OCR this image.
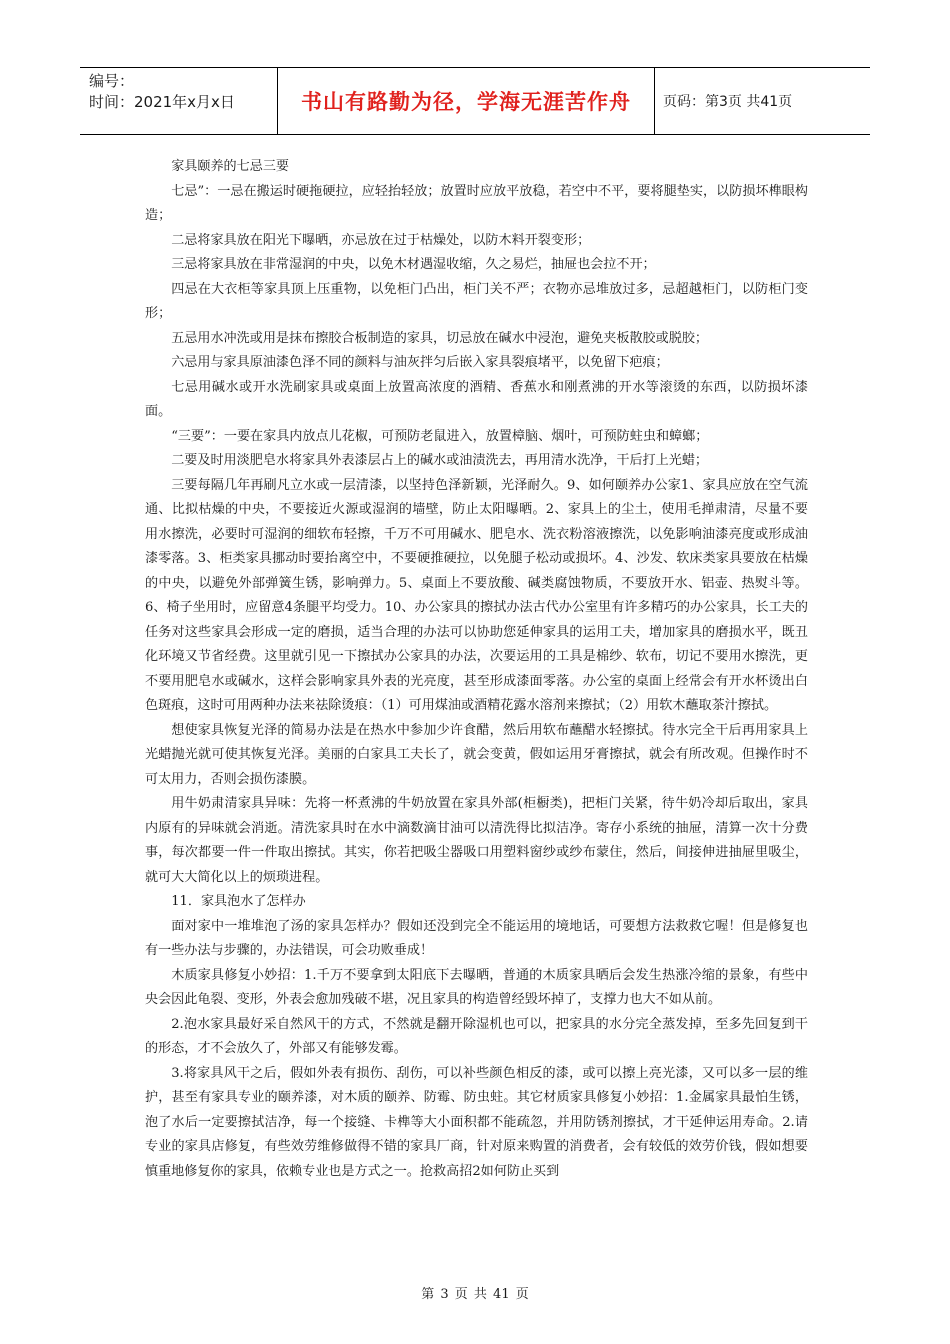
编号：
时间：2021年x月x日	书山有路勤为径，学海无涯苦作舟	页码：第3页 共41页

家具颐养的七忌三要

七忌”：一忌在搬运时硬拖硬拉，应轻抬轻放；放置时应放平放稳，若空中不平，要将腿垫实，以防损坏榫眼构造；

二忌将家具放在阳光下曝晒，亦忌放在过于枯燥处，以防木料开裂变形；

三忌将家具放在非常湿润的中央，以免木材遇湿收缩，久之易烂，抽屉也会拉不开；

四忌在大衣柜等家具顶上压重物，以免柜门凸出，柜门关不严；衣物亦忌堆放过多，忌超越柜门，以防柜门变形；

五忌用水冲洗或用是抹布擦胶合板制造的家具，切忌放在碱水中浸泡，避免夹板散胶或脱胶；

六忌用与家具原油漆色泽不同的颜料与油灰拌匀后嵌入家具裂痕堵平，以免留下疤痕；

七忌用碱水或开水洗刷家具或桌面上放置高浓度的酒精、香蕉水和刚煮沸的开水等滚烫的东西，以防损坏漆面。

“三要”：一要在家具内放点儿花椒，可预防老鼠进入，放置樟脑、烟叶，可预防蛀虫和蟑螂；

二要及时用淡肥皂水将家具外表漆层占上的碱水或油渍洗去，再用清水洗净，干后打上光蜡；

三要每隔几年再刷凡立水或一层清漆，以坚持色泽新颖，光泽耐久。9、如何颐养办公家1、家具应放在空气流通、比拟枯燥的中央，不要接近火源或湿润的墙壁，防止太阳曝晒。2、家具上的尘土，使用毛掸肃清，尽量不要用水擦洗，必要时可湿润的细软布轻擦，千万不可用碱水、肥皂水、洗衣粉溶液擦洗，以免影响油漆亮度或形成油漆零落。3、柜类家具挪动时要抬离空中，不要硬推硬拉，以免腿子松动或损坏。4、沙发、软床类家具要放在枯燥的中央，以避免外部弹簧生锈，影响弹力。5、桌面上不要放酸、碱类腐蚀物质，不要放开水、铝壶、热熨斗等。6、椅子坐用时，应留意4条腿平均受力。10、办公家具的擦拭办法古代办公室里有许多精巧的办公家具，长工夫的任务对这些家具会形成一定的磨损，适当合理的办法可以协助您延伸家具的运用工夫，增加家具的磨损水平，既丑化环境又节省经费。这里就引见一下擦拭办公家具的办法，次要运用的工具是棉纱、软布，切记不要用水擦洗，更不要用肥皂水或碱水，这样会影响家具外表的光亮度，甚至形成漆面零落。办公室的桌面上经常会有开水杯烫出白色斑痕，这时可用两种办法来祛除烫痕：（1）可用煤油或酒精花露水溶剂来擦拭；（2）用软木蘸取茶汁擦拭。

想使家具恢复光泽的简易办法是在热水中参加少许食醋，然后用软布蘸醋水轻擦拭。待水完全干后再用家具上光蜡抛光就可使其恢复光泽。美丽的白家具工夫长了，就会变黄，假如运用牙膏擦拭，就会有所改观。但操作时不可太用力，否则会损伤漆膜。

用牛奶肃清家具异味：先将一杯煮沸的牛奶放置在家具外部(柜橱类)，把柜门关紧，待牛奶冷却后取出，家具内原有的异味就会消逝。清洗家具时在水中滴数滴甘油可以清洗得比拟洁净。寄存小系统的抽屉，清算一次十分费事，每次都要一件一件取出擦拭。其实，你若把吸尘器吸口用塑料窗纱或纱布蒙住，然后，间接伸进抽屉里吸尘，就可大大简化以上的烦琐进程。

11．家具泡水了怎样办

面对家中一堆堆泡了汤的家具怎样办？假如还没到完全不能运用的境地话，可要想方法救救它喔！但是修复也有一些办法与步骤的，办法错误，可会功败垂成！

木质家具修复小妙招：1.千万不要拿到太阳底下去曝晒，普通的木质家具晒后会发生热涨冷缩的景象，有些中央会因此龟裂、变形，外表会愈加残破不堪，况且家具的构造曾经毁坏掉了，支撑力也大不如从前。

2.泡水家具最好采自然风干的方式，不然就是翻开除湿机也可以，把家具的水分完全蒸发掉，至多先回复到干的形态，才不会放久了，外部又有能够发霉。

3.将家具风干之后，假如外表有损伤、刮伤，可以补些颜色相反的漆，或可以擦上亮光漆，又可以多一层的维护，甚至有家具专业的颐养漆，对木质的颐养、防霉、防虫蛀。其它材质家具修复小妙招：1.金属家具最怕生锈，泡了水后一定要擦拭洁净，每一个接缝、卡榫等大小面积都不能疏忽，并用防锈剂擦拭，才干延伸运用寿命。2.请专业的家具店修复，有些效劳维修做得不错的家具厂商，针对原来购置的消费者，会有较低的效劳价钱，假如想要慎重地修复你的家具，依赖专业也是方式之一。抢救高招2如何防止买到

第 3 页 共 41 页
